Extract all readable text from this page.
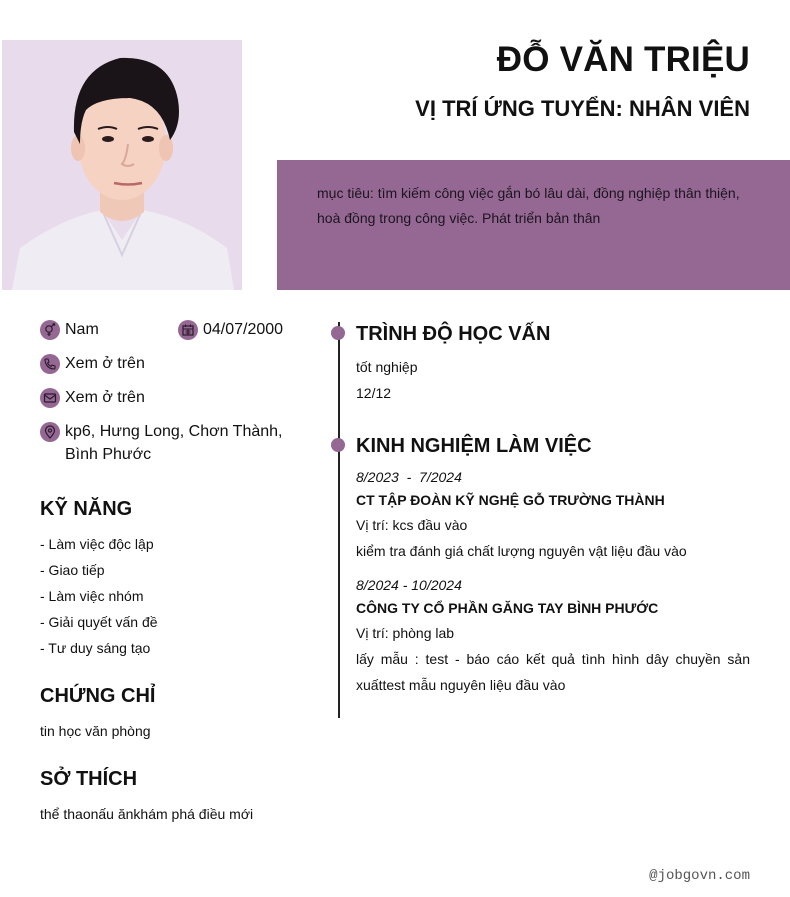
ĐỖ VĂN TRIỆU
VỊ TRÍ ỨNG TUYỂN: NHÂN VIÊN
mục tiêu: tìm kiếm công việc gắn bó lâu dài, đồng nghiệp thân thiện, hoà đồng trong công việc. Phát triển bản thân
Nam	04/07/2000
Xem ở trên
Xem ở trên
kp6, Hưng Long, Chơn Thành, Bình Phước
KỸ NĂNG
- Làm việc độc lập
- Giao tiếp
- Làm việc nhóm
- Giải quyết vấn đề
- Tư duy sáng tạo
CHỨNG CHỈ
tin học văn phòng
SỞ THÍCH
thể thaonấu ănkhám phá điều mới
TRÌNH ĐỘ HỌC VẤN
tốt nghiệp
12/12
KINH NGHIỆM LÀM VIỆC
8/2023  -  7/2024
CT TẬP ĐOÀN KỸ NGHỆ GỖ TRƯỜNG THÀNH
Vị trí: kcs đầu vào
kiểm tra đánh giá chất lượng nguyên vật liệu đầu vào
8/2024 - 10/2024
CÔNG TY CỔ PHẦN GĂNG TAY BÌNH PHƯỚC
Vị trí: phòng lab
lấy mẫu : test - báo cáo kết quả tình hình dây chuyền sản xuấttest mẫu nguyên liệu đầu vào
@jobgovn.com
